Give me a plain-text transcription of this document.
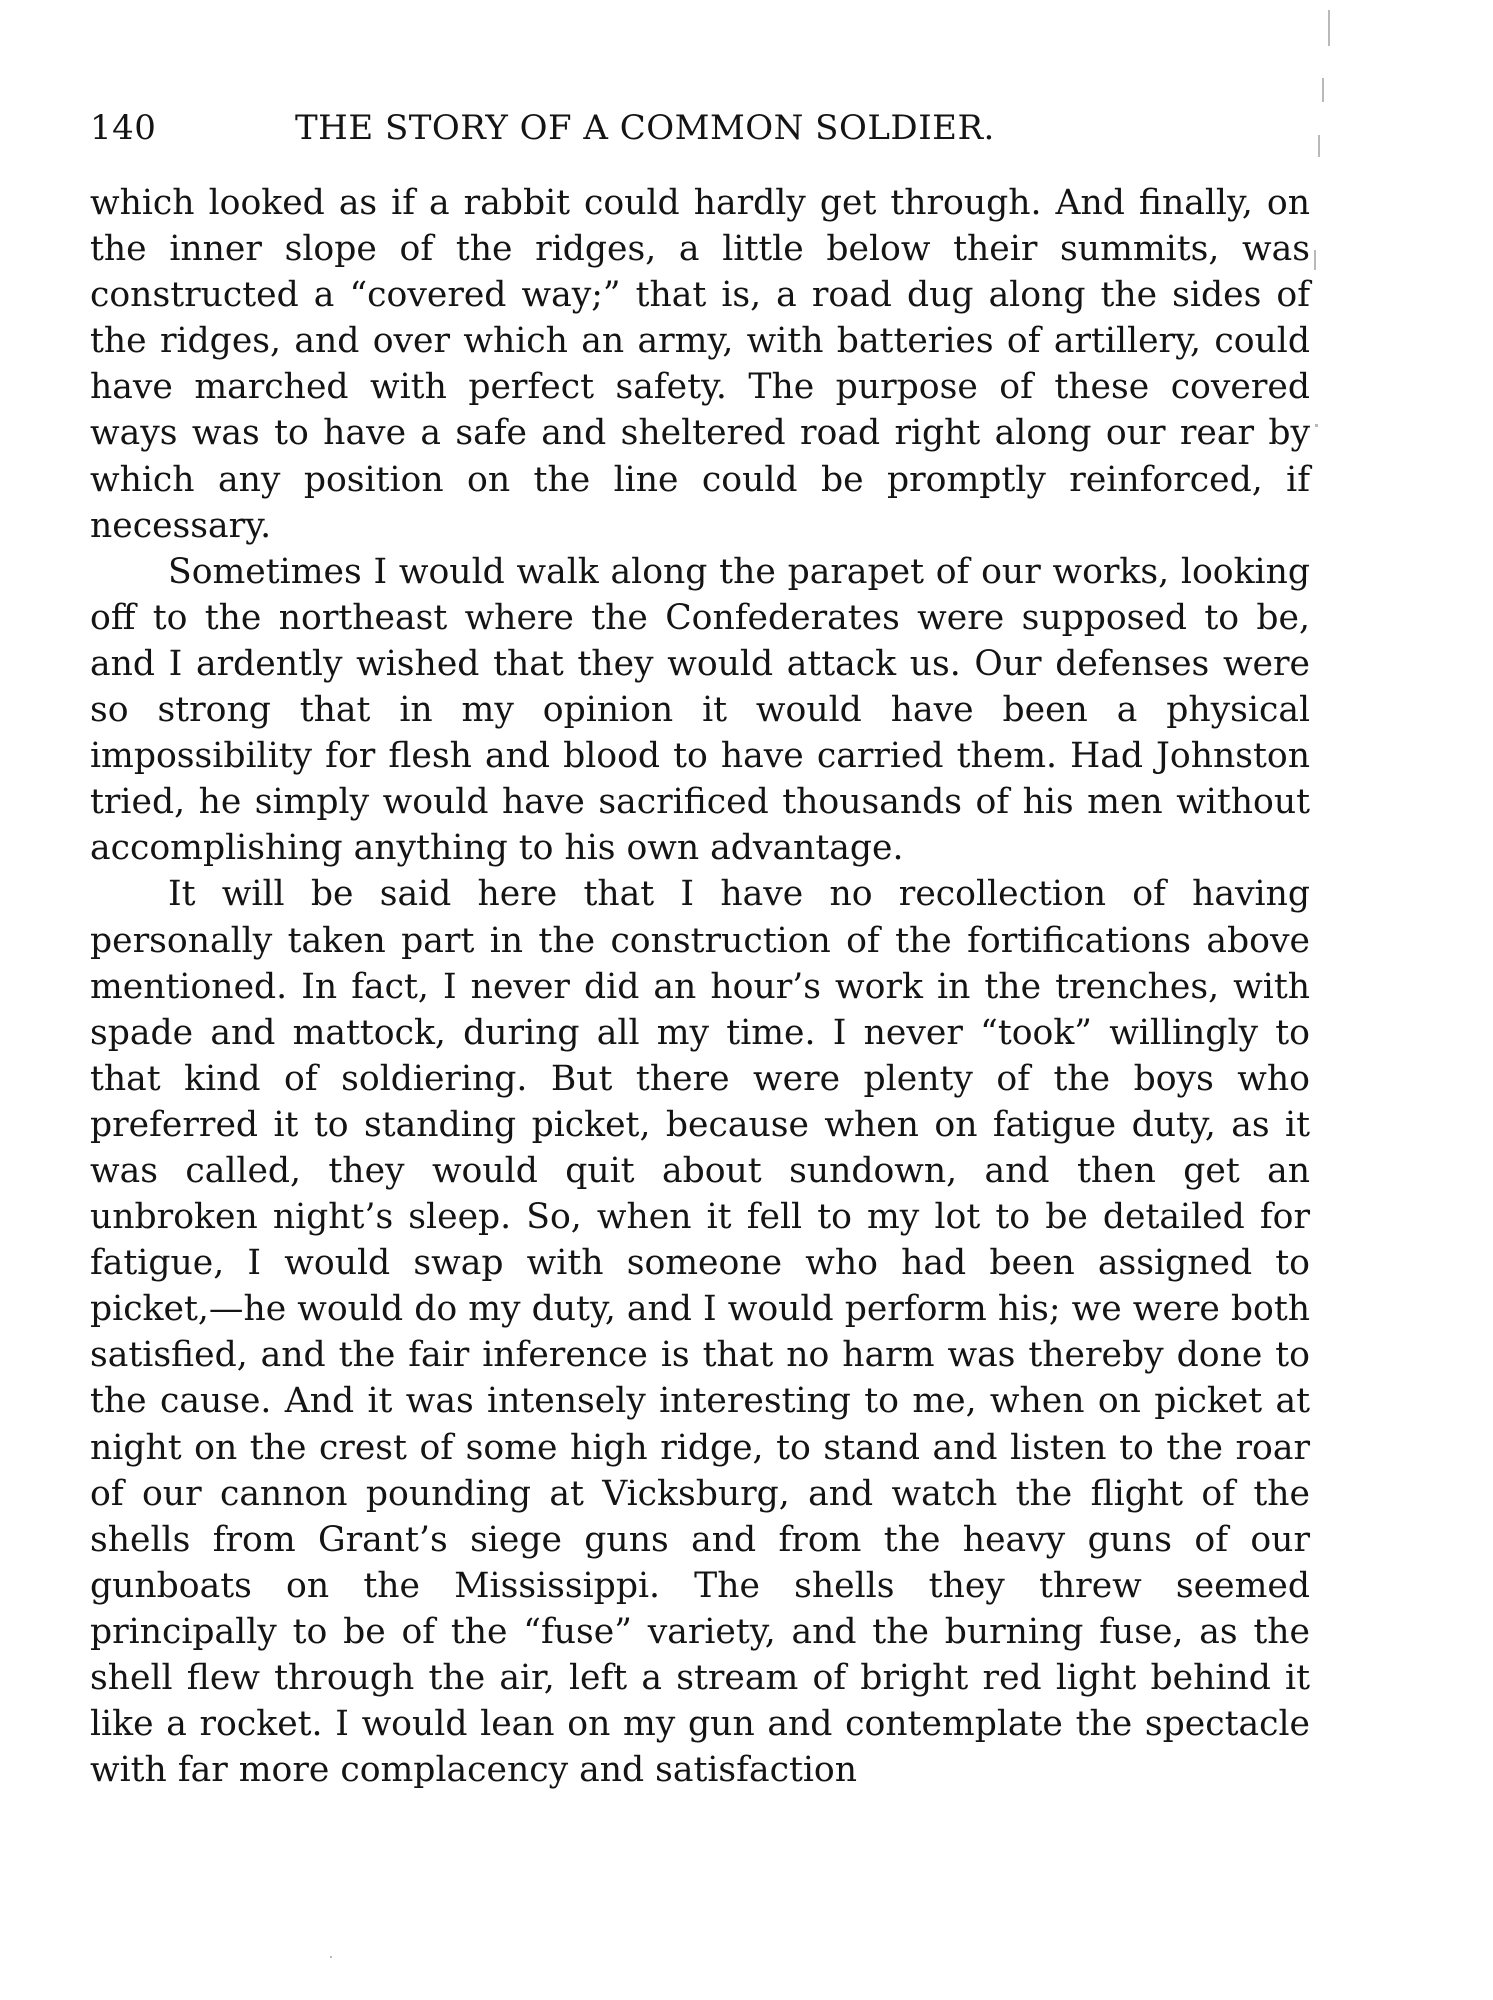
140	THE STORY OF A COMMON SOLDIER.

which looked as if a rabbit could hardly get through. And finally, on the inner slope of the ridges, a little below their summits, was constructed a “covered way;” that is, a road dug along the sides of the ridges, and over which an army, with batteries of artillery, could have marched with perfect safety. The purpose of these covered ways was to have a safe and sheltered road right along our rear by which any position on the line could be promptly reinforced, if necessary.

Sometimes I would walk along the parapet of our works, looking off to the northeast where the Confederates were supposed to be, and I ardently wished that they would attack us. Our defenses were so strong that in my opinion it would have been a physical impossibility for flesh and blood to have carried them. Had Johnston tried, he simply would have sacrificed thousands of his men without accomplishing anything to his own advantage.

It will be said here that I have no recollection of having personally taken part in the construction of the fortifications above mentioned. In fact, I never did an hour’s work in the trenches, with spade and mattock, during all my time. I never “took” willingly to that kind of soldiering. But there were plenty of the boys who preferred it to standing picket, because when on fatigue duty, as it was called, they would quit about sundown, and then get an unbroken night’s sleep. So, when it fell to my lot to be detailed for fatigue, I would swap with someone who had been assigned to picket,—he would do my duty, and I would perform his; we were both satisfied, and the fair inference is that no harm was thereby done to the cause. And it was intensely interesting to me, when on picket at night on the crest of some high ridge, to stand and listen to the roar of our cannon pounding at Vicksburg, and watch the flight of the shells from Grant’s siege guns and from the heavy guns of our gunboats on the Mississippi. The shells they threw seemed principally to be of the “fuse” variety, and the burning fuse, as the shell flew through the air, left a stream of bright red light behind it like a rocket. I would lean on my gun and contemplate the spectacle with far more complacency and satisfaction
